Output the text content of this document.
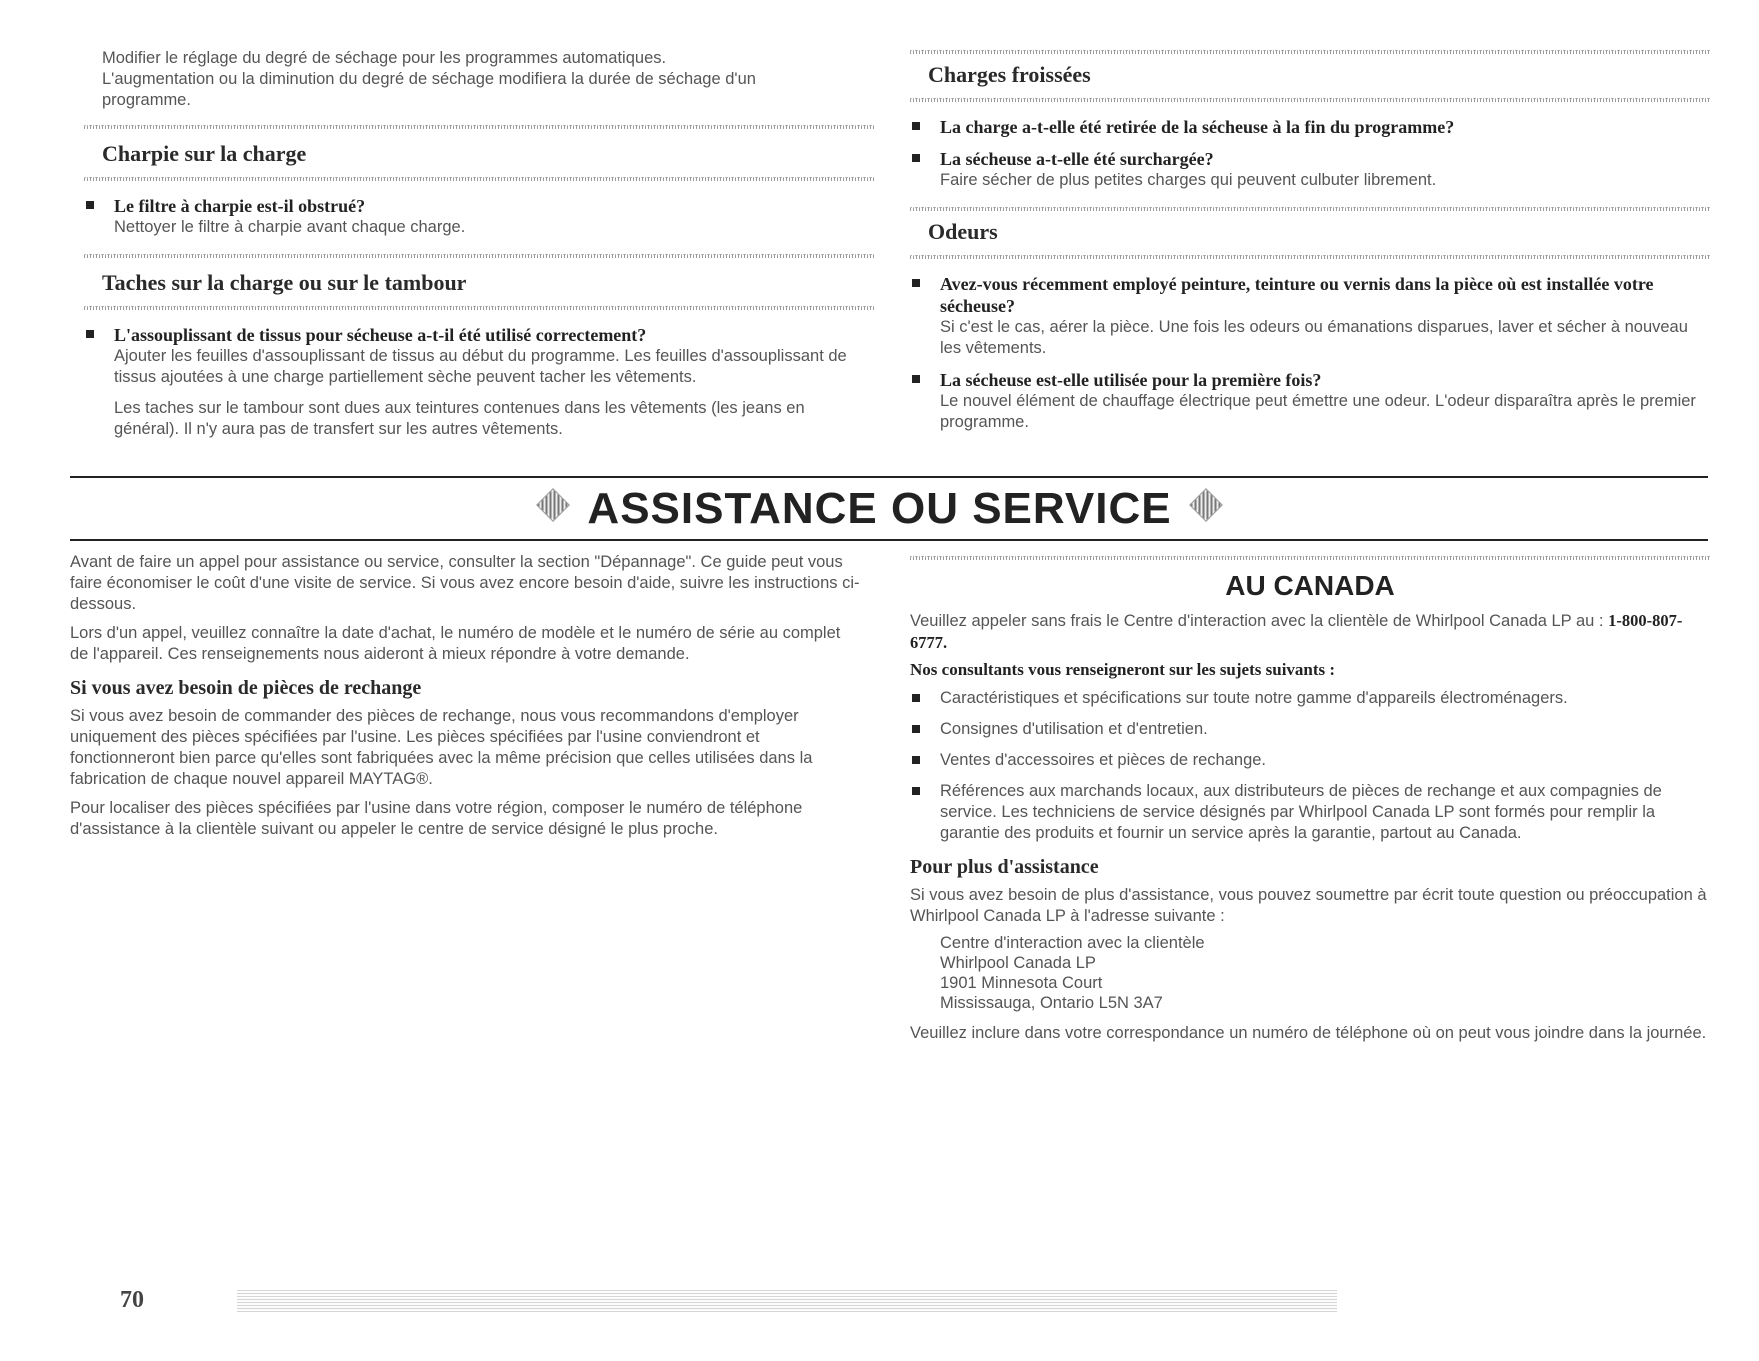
Modifier le réglage du degré de séchage pour les programmes automatiques.
L'augmentation ou la diminution du degré de séchage modifiera la durée de séchage d'un programme.
Charpie sur la charge
Le filtre à charpie est-il obstrué?
Nettoyer le filtre à charpie avant chaque charge.
Taches sur la charge ou sur le tambour
L'assouplissant de tissus pour sécheuse a-t-il été utilisé correctement?
Ajouter les feuilles d'assouplissant de tissus au début du programme. Les feuilles d'assouplissant de tissus ajoutées à une charge partiellement sèche peuvent tacher les vêtements.
Les taches sur le tambour sont dues aux teintures contenues dans les vêtements (les jeans en général). Il n'y aura pas de transfert sur les autres vêtements.
Charges froissées
La charge a-t-elle été retirée de la sécheuse à la fin du programme?
La sécheuse a-t-elle été surchargée?
Faire sécher de plus petites charges qui peuvent culbuter librement.
Odeurs
Avez-vous récemment employé peinture, teinture ou vernis dans la pièce où est installée votre sécheuse?
Si c'est le cas, aérer la pièce. Une fois les odeurs ou émanations disparues, laver et sécher à nouveau les vêtements.
La sécheuse est-elle utilisée pour la première fois?
Le nouvel élément de chauffage électrique peut émettre une odeur. L'odeur disparaîtra après le premier programme.
ASSISTANCE OU SERVICE

Avant de faire un appel pour assistance ou service, consulter la section "Dépannage". Ce guide peut vous faire économiser le coût d'une visite de service. Si vous avez encore besoin d'aide, suivre les instructions ci-dessous.

Lors d'un appel, veuillez connaître la date d'achat, le numéro de modèle et le numéro de série au complet de l'appareil. Ces renseignements nous aideront à mieux répondre à votre demande.

Si vous avez besoin de pièces de rechange

Si vous avez besoin de commander des pièces de rechange, nous vous recommandons d'employer uniquement des pièces spécifiées par l'usine. Les pièces spécifiées par l'usine conviendront et fonctionneront bien parce qu'elles sont fabriquées avec la même précision que celles utilisées dans la fabrication de chaque nouvel appareil MAYTAG®.

Pour localiser des pièces spécifiées par l'usine dans votre région, composer le numéro de téléphone d'assistance à la clientèle suivant ou appeler le centre de service désigné le plus proche.

AU CANADA

Veuillez appeler sans frais le Centre d'interaction avec la clientèle de Whirlpool Canada LP au : 1-800-807-6777.

Nos consultants vous renseigneront sur les sujets suivants :
Caractéristiques et spécifications sur toute notre gamme d'appareils électroménagers.
Consignes d'utilisation et d'entretien.
Ventes d'accessoires et pièces de rechange.
Références aux marchands locaux, aux distributeurs de pièces de rechange et aux compagnies de service. Les techniciens de service désignés par Whirlpool Canada LP sont formés pour remplir la garantie des produits et fournir un service après la garantie, partout au Canada.
Pour plus d'assistance

Si vous avez besoin de plus d'assistance, vous pouvez soumettre par écrit toute question ou préoccupation à Whirlpool Canada LP à l'adresse suivante :

Centre d'interaction avec la clientèle
Whirlpool Canada LP
1901 Minnesota Court
Mississauga, Ontario L5N 3A7

Veuillez inclure dans votre correspondance un numéro de téléphone où on peut vous joindre dans la journée.

70
